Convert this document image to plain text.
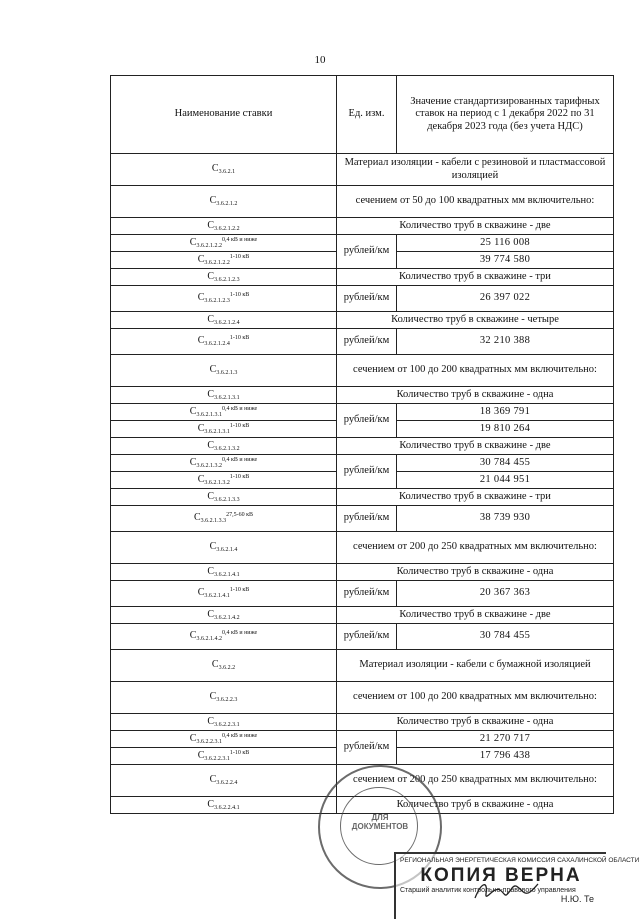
10
Наименование ставки	Ед. изм.	Значение стандартизированных тарифных ставок на период с 1 декабря 2022 по 31 декабря 2023 года (без учета НДС)
$C_{3.6.2.1}$	Материал изоляции - кабели с резиновой и пластмассовой изоляцией	
$C_{3.6.2.1.2}$	сечением от 50 до 100 квадратных мм включительно:	
$C_{3.6.2.1.2.2}$	Количество труб в скважине - две	
$C_{3.6.2.1.2.2}^{0,4 кВ и ниже}$	рублей/км	25 116 008
$C_{3.6.2.1.2.2}^{1-10 кВ}$		39 774 580
$C_{3.6.2.1.2.3}$	Количество труб в скважине - три	
$C_{3.6.2.1.2.3}^{1-10 кВ}$	рублей/км	26 397 022
$C_{3.6.2.1.2.4}$	Количество труб в скважине - четыре	
$C_{3.6.2.1.2.4}^{1-10 кВ}$	рублей/км	32 210 388
$C_{3.6.2.1.3}$	сечением от 100 до 200 квадратных мм включительно:	
$C_{3.6.2.1.3.1}$	Количество труб в скважине - одна	
$C_{3.6.2.1.3.1}^{0,4 кВ и ниже}$	рублей/км	18 369 791
$C_{3.6.2.1.3.1}^{1-10 кВ}$		19 810 264
$C_{3.6.2.1.3.2}$	Количество труб в скважине - две	
$C_{3.6.2.1.3.2}^{0,4 кВ и ниже}$	рублей/км	30 784 455
$C_{3.6.2.1.3.2}^{1-10 кВ}$		21 044 951
$C_{3.6.2.1.3.3}$	Количество труб в скважине - три	
$C_{3.6.2.1.3.3}^{27,5-60 кВ}$	рублей/км	38 739 930
$C_{3.6.2.1.4}$	сечением от 200 до 250 квадратных мм включительно:	
$C_{3.6.2.1.4.1}$	Количество труб в скважине - одна	
$C_{3.6.2.1.4.1}^{1-10 кВ}$	рублей/км	20 367 363
$C_{3.6.2.1.4.2}$	Количество труб в скважине - две	
$C_{3.6.2.1.4.2}^{0,4 кВ и ниже}$	рублей/км	30 784 455
$C_{3.6.2.2}$	Материал изоляции - кабели с бумажной изоляцией	
$C_{3.6.2.2.3}$	сечением от 100 до 200 квадратных мм включительно:	
$C_{3.6.2.2.3.1}$	Количество труб в скважине - одна	
$C_{3.6.2.2.3.1}^{0,4 кВ и ниже}$	рублей/км	21 270 717
$C_{3.6.2.2.3.1}^{1-10 кВ}$		17 796 438
$C_{3.6.2.2.4}$	сечением от 200 до 250 квадратных мм включительно:	
$C_{3.6.2.2.4.1}$	Количество труб в скважине - одна	
ДЛЯ ДОКУМЕНТОВ
РЕГИОНАЛЬНАЯ ЭНЕРГЕТИЧЕСКАЯ КОМИССИЯ САХАЛИНСКОЙ ОБЛАСТИ
КОПИЯ ВЕРНА
Старший аналитик контрольно-правового управления
Н.Ю. Те
